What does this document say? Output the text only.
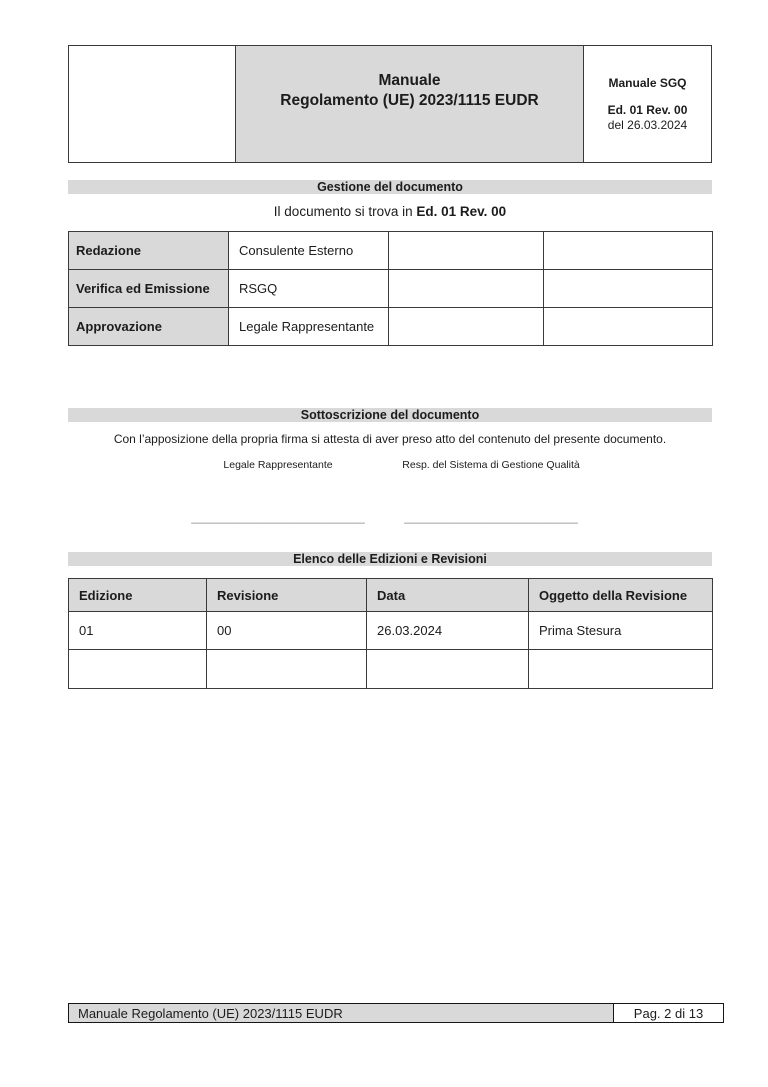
Manuale
Regolamento (UE) 2023/1115 EUDR
Manuale SGQ
Ed. 01 Rev. 00
del 26.03.2024
Gestione del documento
Il documento si trova in Ed. 01 Rev. 00
Redazione	Consulente Esterno		
Verifica ed Emissione	RSGQ		
Approvazione	Legale Rappresentante		
Sottoscrizione del documento
Con l’apposizione della propria firma si attesta di aver preso atto del contenuto del presente documento.
Legale Rappresentante	Resp. del Sistema di Gestione Qualità
__________________________	__________________________
Elenco delle Edizioni e Revisioni
Edizione	Revisione	Data	Oggetto della Revisione
01	00	26.03.2024	Prima Stesura

Manuale Regolamento (UE) 2023/1115 EUDR	Pag. 2 di 13
